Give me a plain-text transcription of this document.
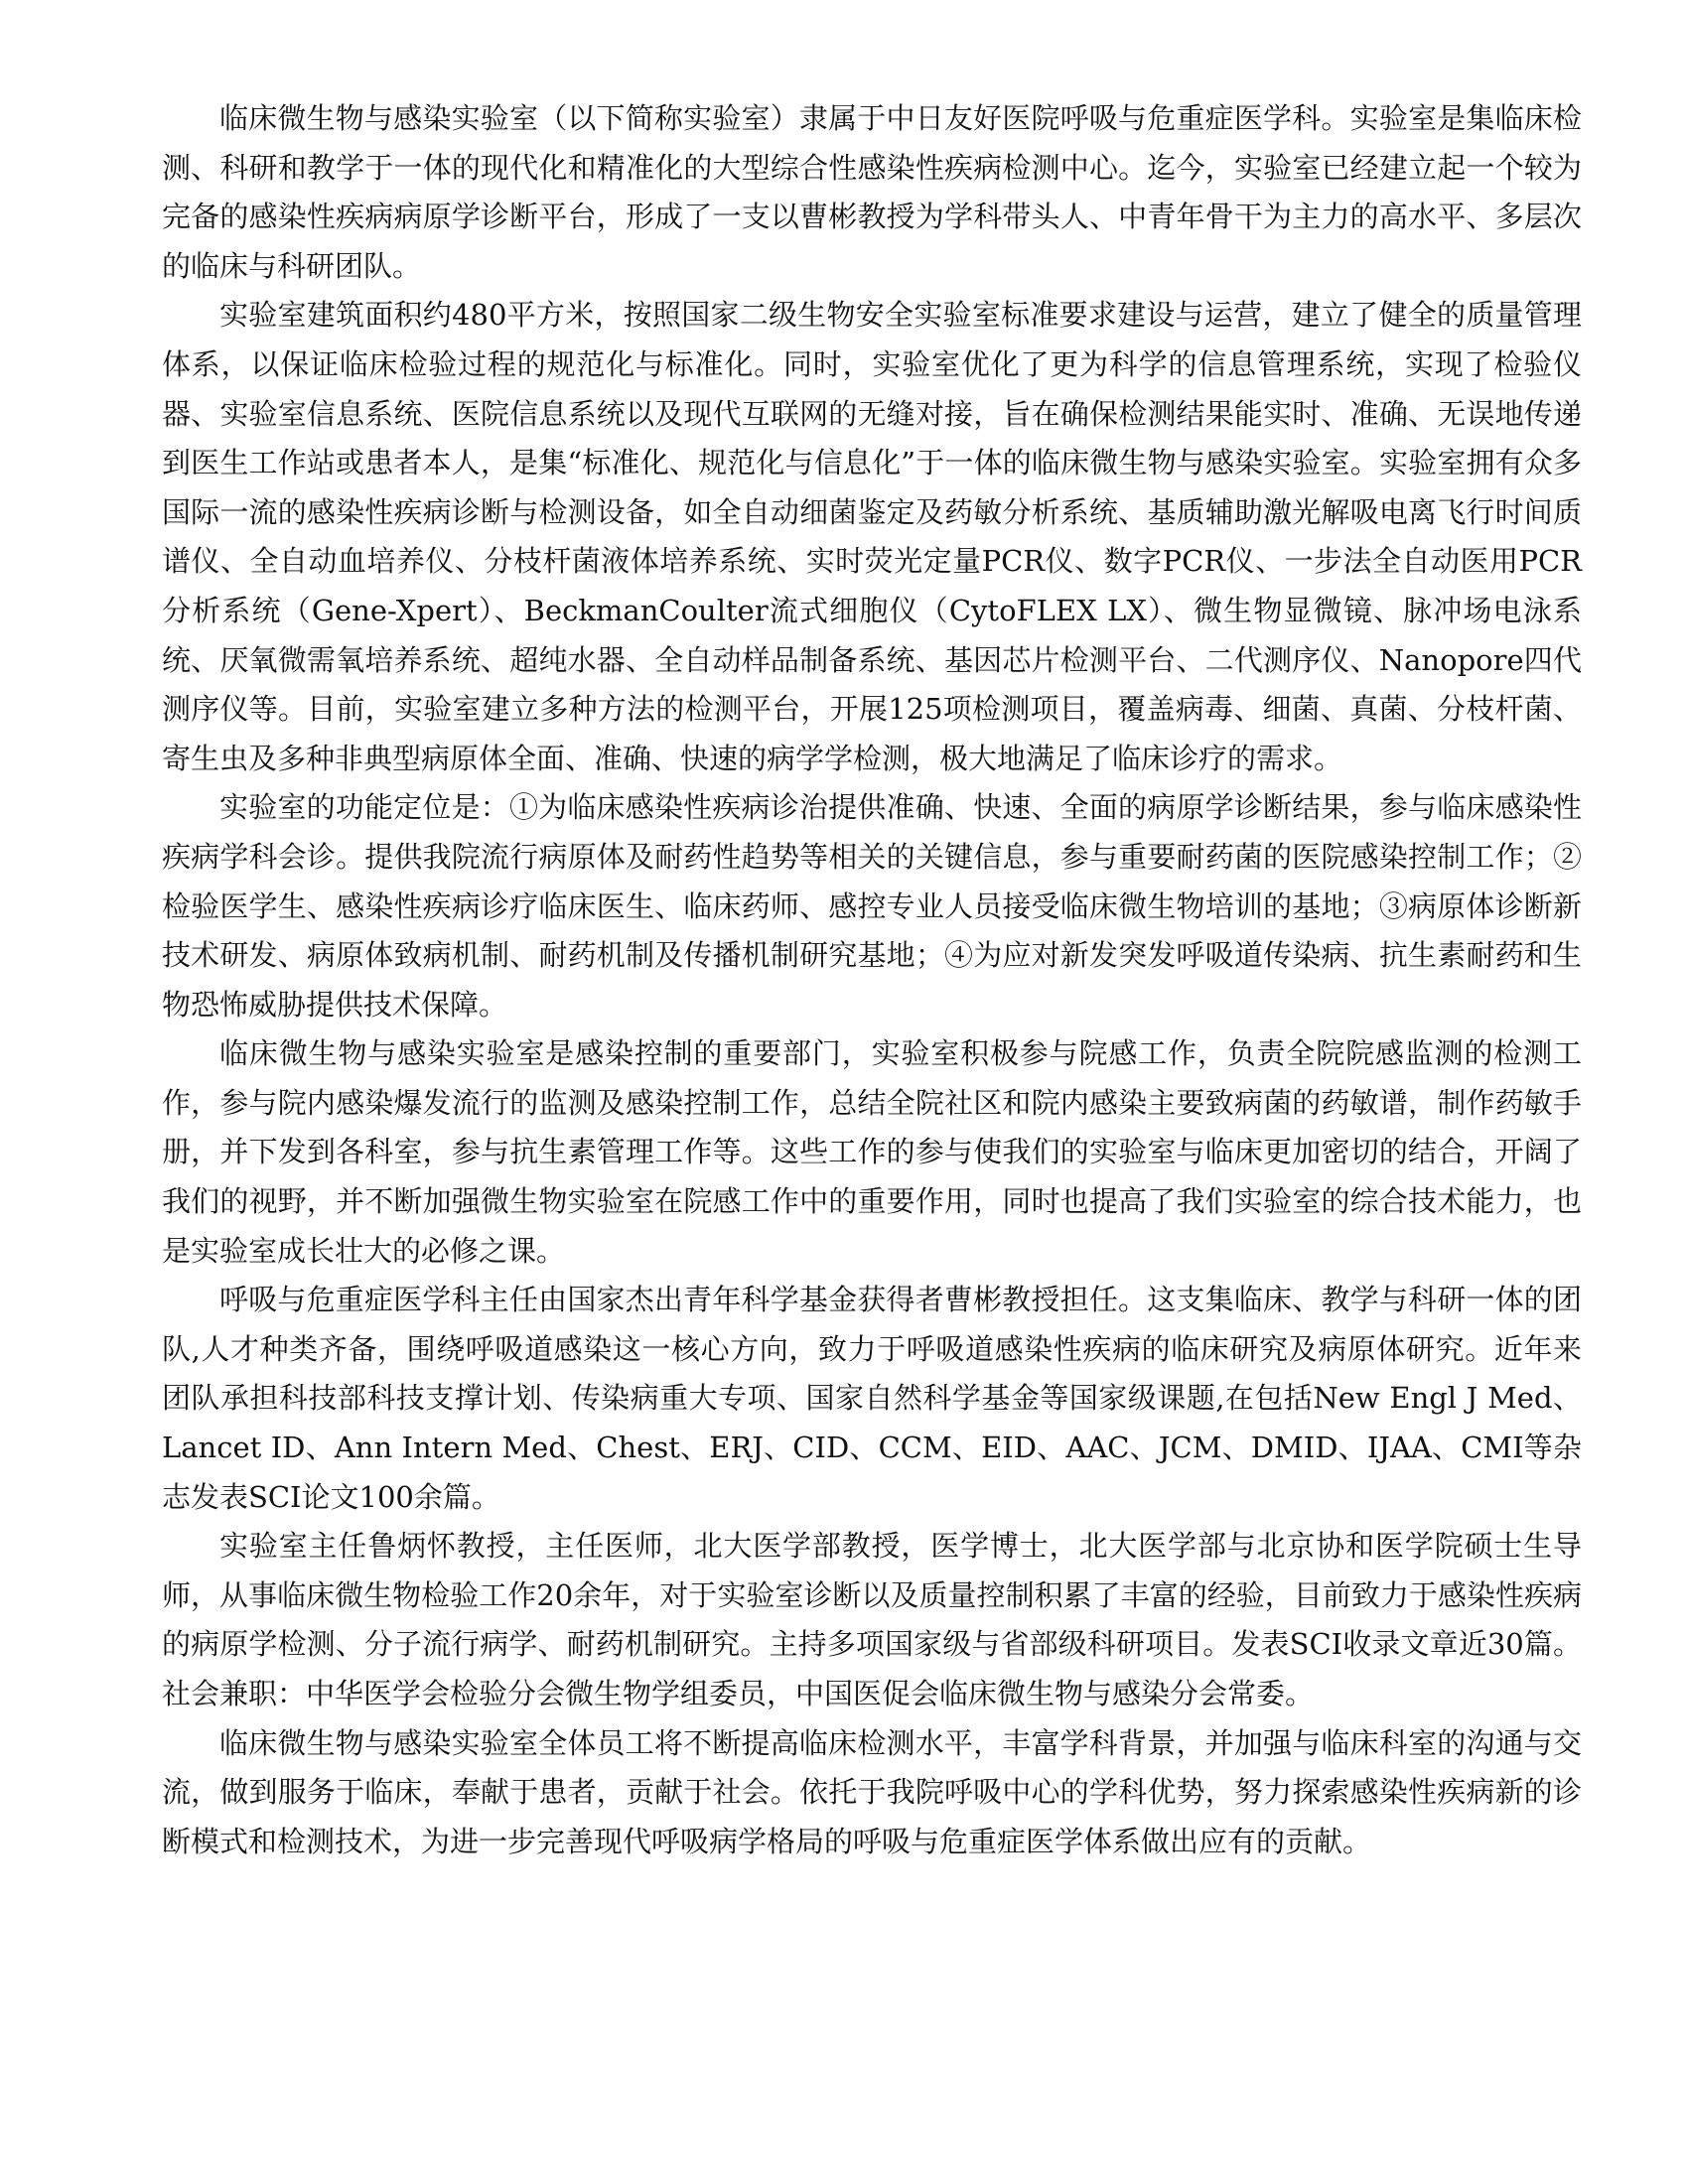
临床微生物与感染实验室（以下简称实验室）隶属于中日友好医院呼吸与危重症医学科。实验室是集临床检测、科研和教学于一体的现代化和精准化的大型综合性感染性疾病检测中心。迄今，实验室已经建立起一个较为完备的感染性疾病病原学诊断平台，形成了一支以曹彬教授为学科带头人、中青年骨干为主力的高水平、多层次的临床与科研团队。

实验室建筑面积约480平方米，按照国家二级生物安全实验室标准要求建设与运营，建立了健全的质量管理体系，以保证临床检验过程的规范化与标准化。同时，实验室优化了更为科学的信息管理系统，实现了检验仪器、实验室信息系统、医院信息系统以及现代互联网的无缝对接，旨在确保检测结果能实时、准确、无误地传递到医生工作站或患者本人，是集“标准化、规范化与信息化”于一体的临床微生物与感染实验室。实验室拥有众多国际一流的感染性疾病诊断与检测设备，如全自动细菌鉴定及药敏分析系统、基质辅助激光解吸电离飞行时间质谱仪、全自动血培养仪、分枝杆菌液体培养系统、实时荧光定量PCR仪、数字PCR仪、一步法全自动医用PCR分析系统（Gene-Xpert）、BeckmanCoulter流式细胞仪（CytoFLEX LX）、微生物显微镜、脉冲场电泳系统、厌氧微需氧培养系统、超纯水器、全自动样品制备系统、基因芯片检测平台、二代测序仪、Nanopore四代测序仪等。目前，实验室建立多种方法的检测平台，开展125项检测项目，覆盖病毒、细菌、真菌、分枝杆菌、寄生虫及多种非典型病原体全面、准确、快速的病学学检测，极大地满足了临床诊疗的需求。

实验室的功能定位是：①为临床感染性疾病诊治提供准确、快速、全面的病原学诊断结果，参与临床感染性疾病学科会诊。提供我院流行病原体及耐药性趋势等相关的关键信息，参与重要耐药菌的医院感染控制工作；②检验医学生、感染性疾病诊疗临床医生、临床药师、感控专业人员接受临床微生物培训的基地；③病原体诊断新技术研发、病原体致病机制、耐药机制及传播机制研究基地；④为应对新发突发呼吸道传染病、抗生素耐药和生物恐怖威胁提供技术保障。

临床微生物与感染实验室是感染控制的重要部门，实验室积极参与院感工作，负责全院院感监测的检测工作，参与院内感染爆发流行的监测及感染控制工作，总结全院社区和院内感染主要致病菌的药敏谱，制作药敏手册，并下发到各科室，参与抗生素管理工作等。这些工作的参与使我们的实验室与临床更加密切的结合，开阔了我们的视野，并不断加强微生物实验室在院感工作中的重要作用，同时也提高了我们实验室的综合技术能力，也是实验室成长壮大的必修之课。

呼吸与危重症医学科主任由国家杰出青年科学基金获得者曹彬教授担任。这支集临床、教学与科研一体的团队,人才种类齐备，围绕呼吸道感染这一核心方向，致力于呼吸道感染性疾病的临床研究及病原体研究。近年来团队承担科技部科技支撑计划、传染病重大专项、国家自然科学基金等国家级课题,在包括New Engl J Med、Lancet ID、Ann Intern Med、Chest、ERJ、CID、CCM、EID、AAC、JCM、DMID、IJAA、CMI等杂志发表SCI论文100余篇。

实验室主任鲁炳怀教授，主任医师，北大医学部教授，医学博士，北大医学部与北京协和医学院硕士生导师，从事临床微生物检验工作20余年，对于实验室诊断以及质量控制积累了丰富的经验，目前致力于感染性疾病的病原学检测、分子流行病学、耐药机制研究。主持多项国家级与省部级科研项目。发表SCI收录文章近30篇。社会兼职：中华医学会检验分会微生物学组委员，中国医促会临床微生物与感染分会常委。

临床微生物与感染实验室全体员工将不断提高临床检测水平，丰富学科背景，并加强与临床科室的沟通与交流，做到服务于临床，奉献于患者，贡献于社会。依托于我院呼吸中心的学科优势，努力探索感染性疾病新的诊断模式和检测技术，为进一步完善现代呼吸病学格局的呼吸与危重症医学体系做出应有的贡献。
